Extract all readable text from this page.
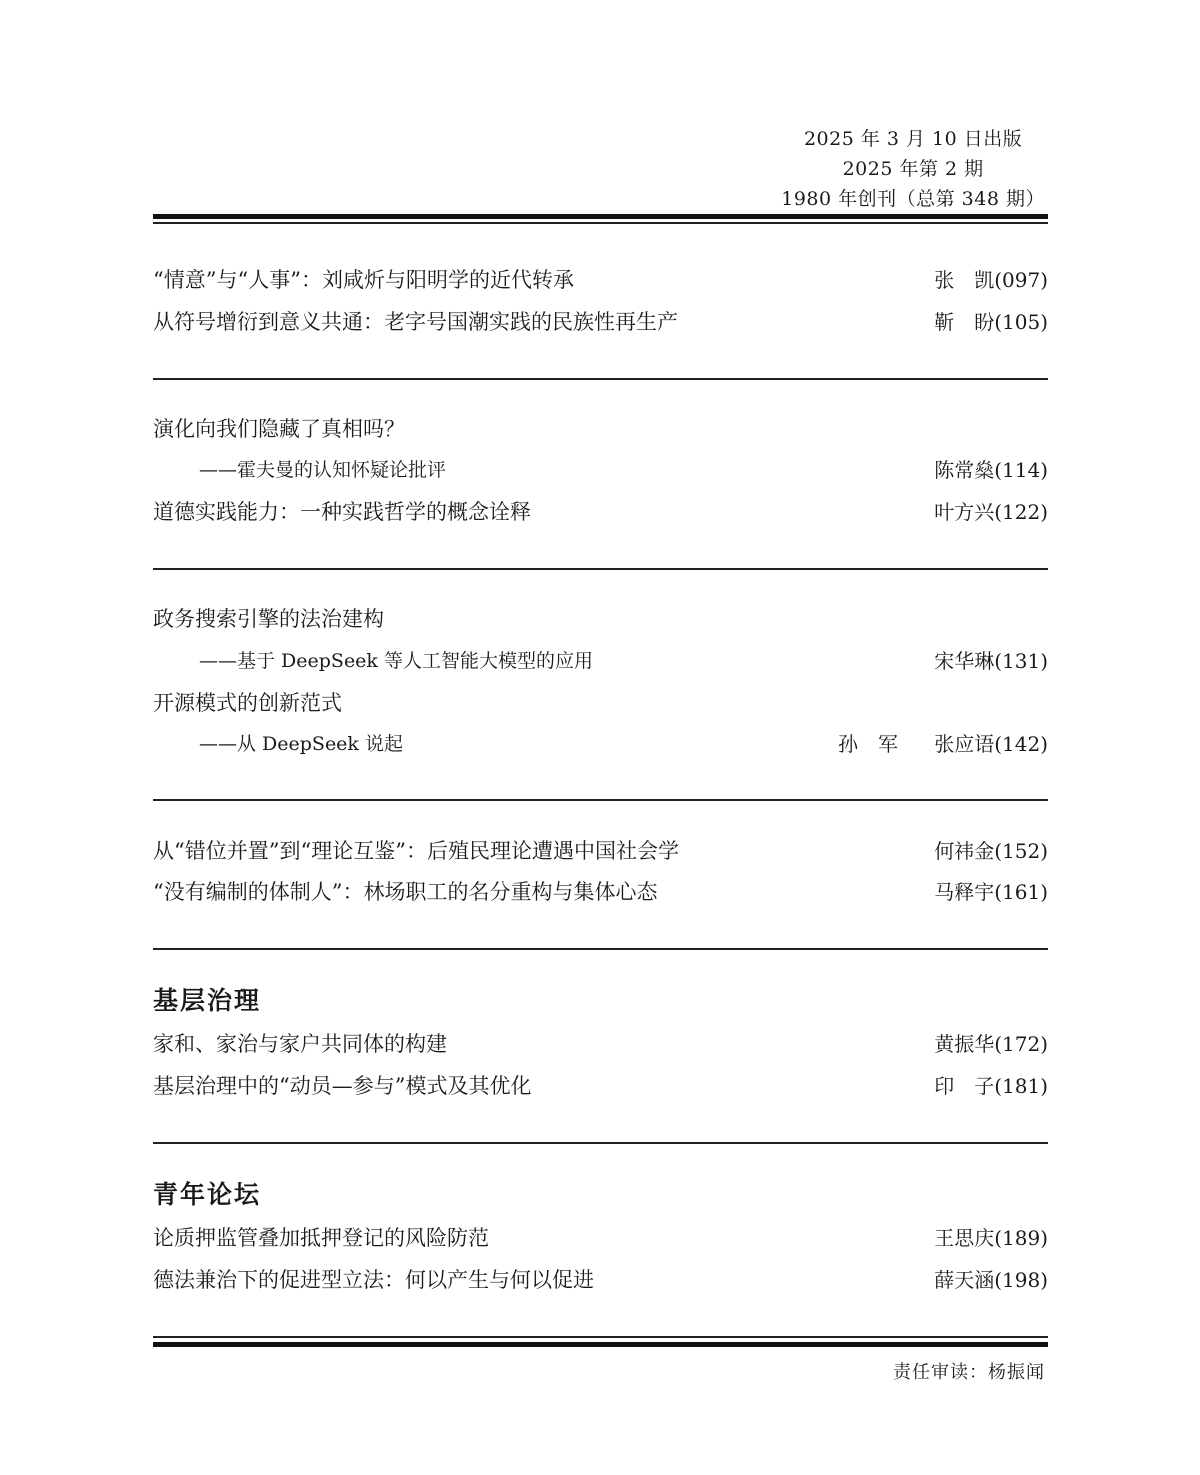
2025 年 3 月 10 日出版
2025 年第 2 期
1980 年创刊（总第 348 期）
“情意”与“人事”：刘咸炘与阳明学的近代转承	张　凯(097)
从符号增衍到意义共通：老字号国潮实践的民族性再生产	靳　盼(105)
演化向我们隐藏了真相吗？
——霍夫曼的认知怀疑论批评	陈常燊(114)
道德实践能力：一种实践哲学的概念诠释	叶方兴(122)
政务搜索引擎的法治建构
——基于 DeepSeek 等人工智能大模型的应用	宋华琳(131)
开源模式的创新范式
——从 DeepSeek 说起	孙　军 张应语(142)
从“错位并置”到“理论互鉴”：后殖民理论遭遇中国社会学	何祎金(152)
“没有编制的体制人”：林场职工的名分重构与集体心态	马释宇(161)
基层治理
家和、家治与家户共同体的构建	黄振华(172)
基层治理中的“动员—参与”模式及其优化	印　子(181)
青年论坛
论质押监管叠加抵押登记的风险防范	王思庆(189)
德法兼治下的促进型立法：何以产生与何以促进	薛天涵(198)
责任审读：杨振闻
